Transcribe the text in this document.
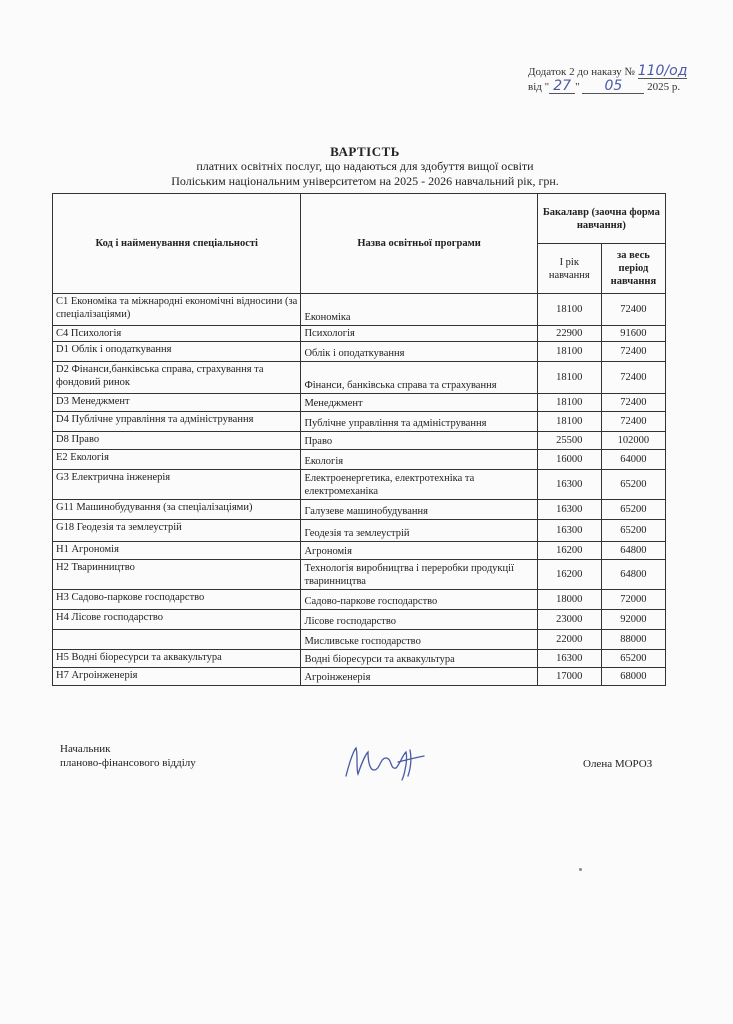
Додаток 2 до наказу № 110/од
від " 27 " 05 2025 р.
ВАРТІСТЬ
платних освітніх послуг, що надаються для здобуття вищої освіти
Поліським національним університетом на 2025 - 2026 навчальний рік, грн.
Код і найменування спеціальності	Назва освітньої програми	Бакалавр (заочна форма навчання)	
		I рік навчання	за весь період навчання
С1 Економіка та міжнародні економічні відносини (за спеціалізаціями)	Економіка	18100	72400
С4 Психологія	Психологія	22900	91600
D1 Облік і оподаткування	Облік і оподаткування	18100	72400
D2 Фінанси,банківська справа, страхування та фондовий ринок	Фінанси, банківська справа та страхування	18100	72400
D3 Менеджмент	Менеджмент	18100	72400
D4 Публічне управління та адміністрування	Публічне управління та адміністрування	18100	72400
D8 Право	Право	25500	102000
Е2 Екологія	Екологія	16000	64000
G3 Електрична інженерія	Електроенергетика, електротехніка та електромеханіка	16300	65200
G11 Машинобудування (за спеціалізаціями)	Галузеве машинобудування	16300	65200
G18 Геодезія та землеустрій	Геодезія та землеустрій	16300	65200
Н1 Агрономія	Агрономія	16200	64800
Н2 Тваринництво	Технологія виробництва і переробки продукції тваринництва	16200	64800
Н3 Садово-паркове господарство	Садово-паркове господарство	18000	72000
Н4 Лісове господарство	Лісове господарство	23000	92000
	Мисливське господарство	22000	88000
Н5 Водні біоресурси та аквакультура	Водні біоресурси та аквакультура	16300	65200
Н7 Агроінженерія	Агроінженерія	17000	68000
Начальник
планово-фінансового відділу	Олена МОРОЗ
